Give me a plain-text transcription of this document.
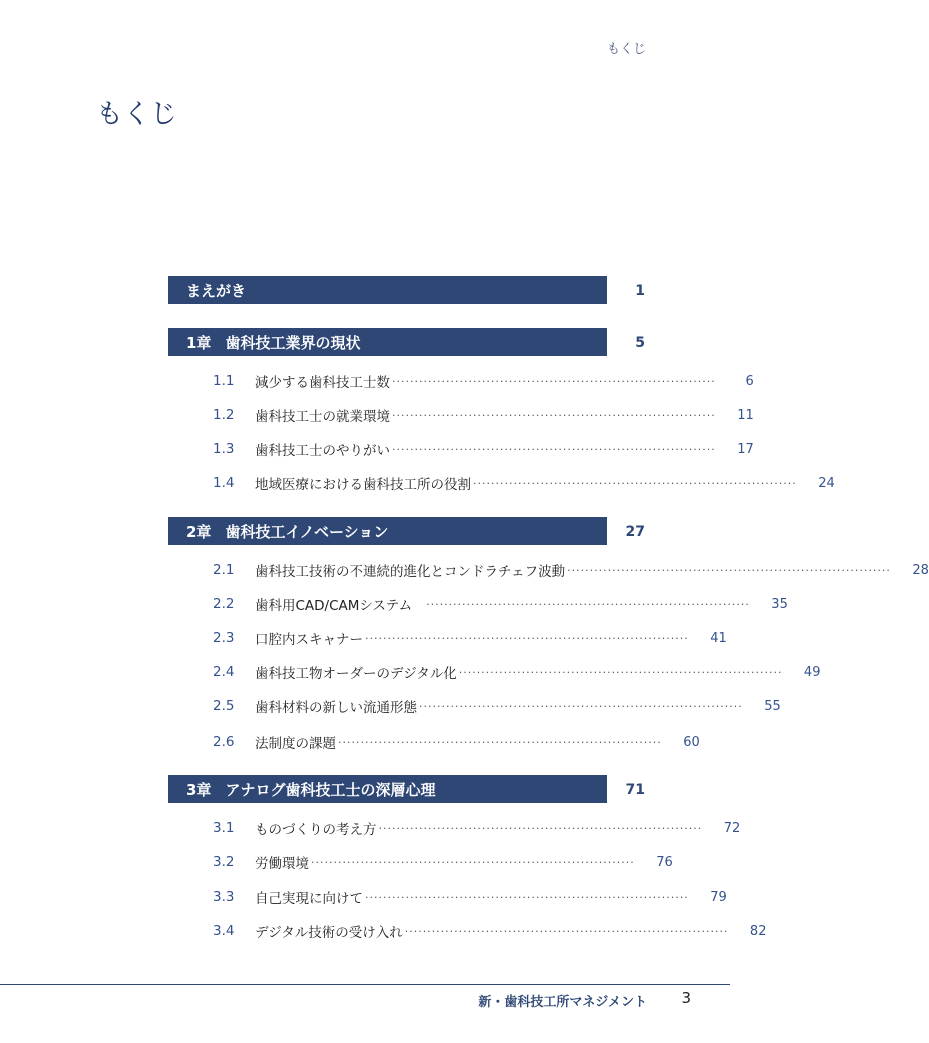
もくじ
もくじ
まえがき	1
1章 歯科技工業界の現状	5
1.1	減少する歯科技工士数 ········································································	6
1.2	歯科技工士の就業環境 ········································································	11
1.3	歯科技工士のやりがい ········································································	17
1.4	地域医療における歯科技工所の役割 ········································································	24
2章 歯科技工イノベーション	27
2.1	歯科技工技術の不連続的進化とコンドラチェフ波動 ········································································	28
2.2	歯科用CAD/CAMシステム ········································································	35
2.3	口腔内スキャナー ········································································	41
2.4	歯科技工物オーダーのデジタル化 ········································································	49
2.5	歯科材料の新しい流通形態 ········································································	55
2.6	法制度の課題 ········································································	60
3章 アナログ歯科技工士の深層心理	71
3.1	ものづくりの考え方 ········································································	72
3.2	労働環境 ········································································	76
3.3	自己実現に向けて ········································································	79
3.4	デジタル技術の受け入れ ········································································	82
新・歯科技工所マネジメント 3
